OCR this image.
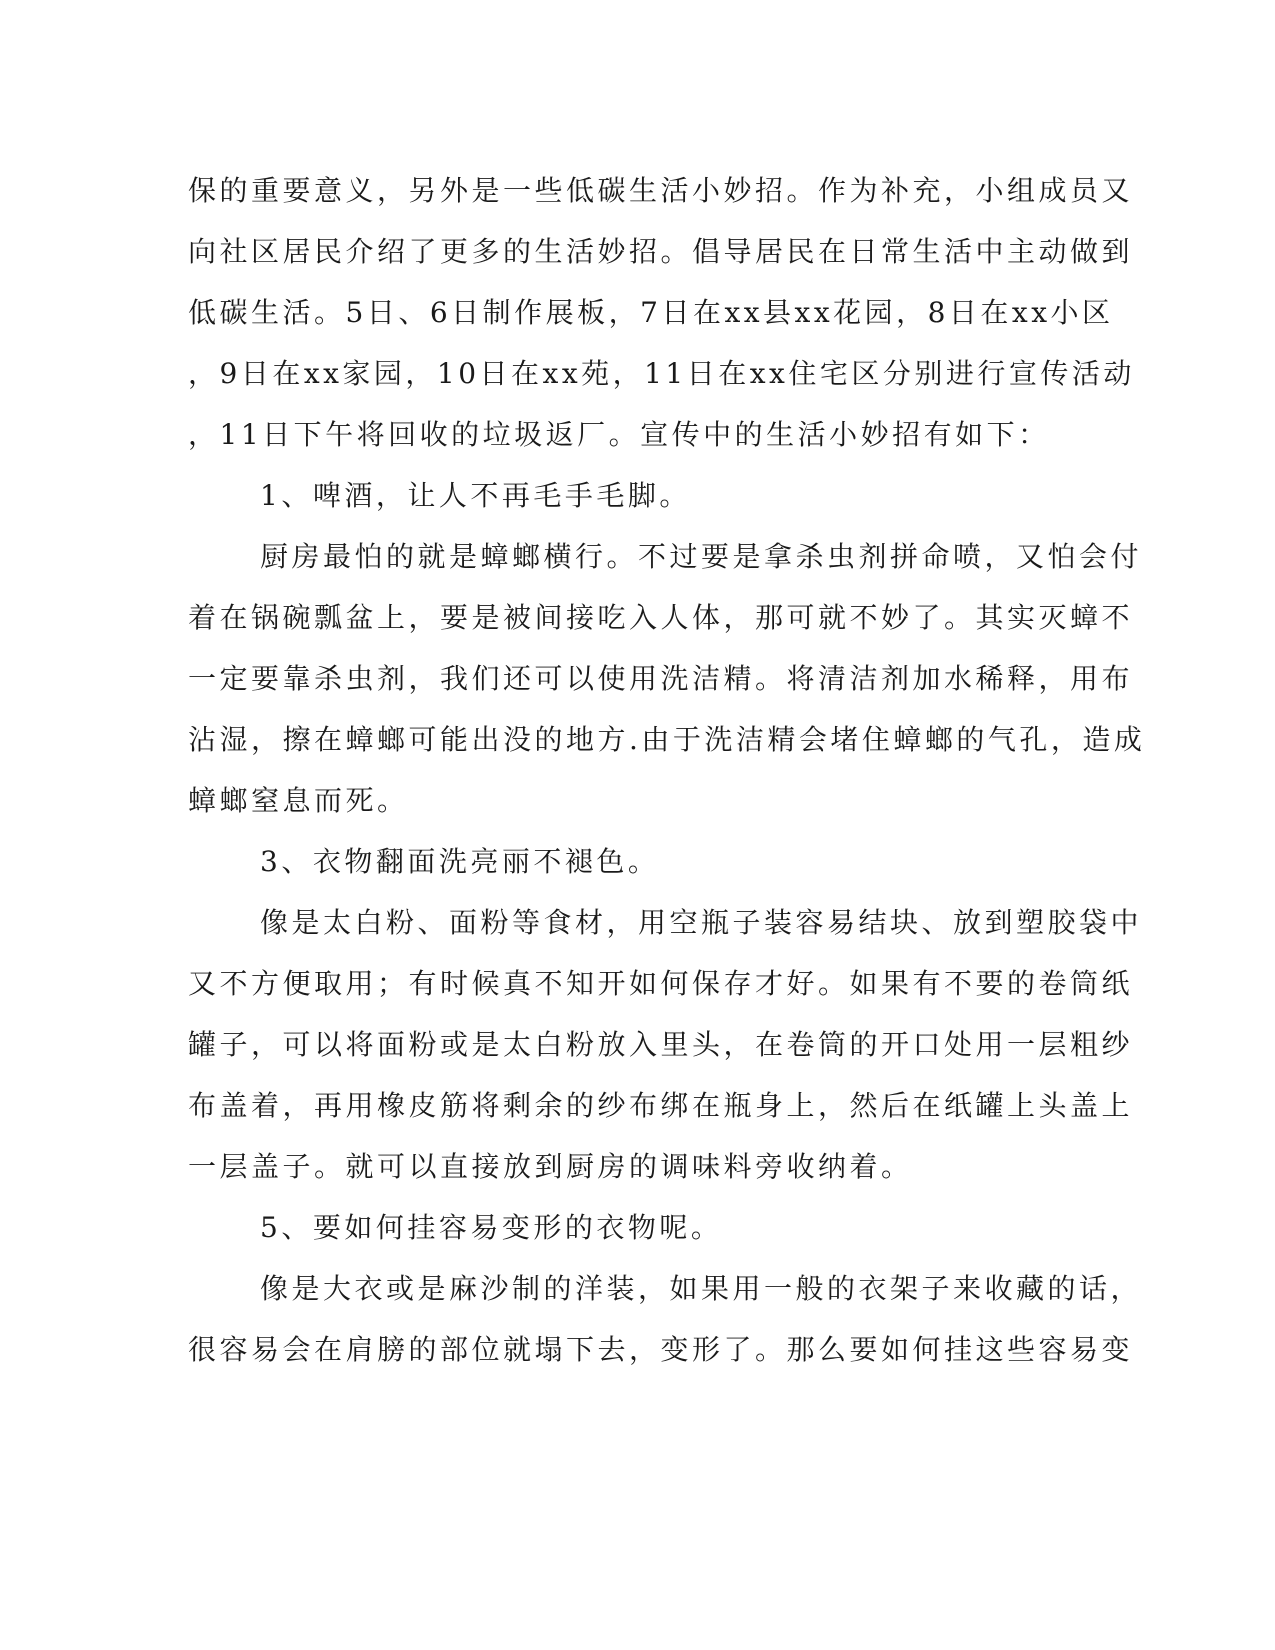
保的重要意义，另外是一些低碳生活小妙招。作为补充，小组成员又
向社区居民介绍了更多的生活妙招。倡导居民在日常生活中主动做到
低碳生活。5日、6日制作展板，7日在xx县xx花园，8日在xx小区
，9日在xx家园，10日在xx苑，11日在xx住宅区分别进行宣传活动
，11日下午将回收的垃圾返厂。宣传中的生活小妙招有如下：
1、啤酒，让人不再毛手毛脚。
厨房最怕的就是蟑螂横行。不过要是拿杀虫剂拼命喷，又怕会付
着在锅碗瓢盆上，要是被间接吃入人体，那可就不妙了。其实灭蟑不
一定要靠杀虫剂，我们还可以使用洗洁精。将清洁剂加水稀释，用布
沾湿，擦在蟑螂可能出没的地方.由于洗洁精会堵住蟑螂的气孔，造成
蟑螂窒息而死。
3、衣物翻面洗亮丽不褪色。
像是太白粉、面粉等食材，用空瓶子装容易结块、放到塑胶袋中
又不方便取用；有时候真不知开如何保存才好。如果有不要的卷筒纸
罐子，可以将面粉或是太白粉放入里头，在卷筒的开口处用一层粗纱
布盖着，再用橡皮筋将剩余的纱布绑在瓶身上，然后在纸罐上头盖上
一层盖子。就可以直接放到厨房的调味料旁收纳着。
5、要如何挂容易变形的衣物呢。
像是大衣或是麻沙制的洋装，如果用一般的衣架子来收藏的话，
很容易会在肩膀的部位就塌下去，变形了。那么要如何挂这些容易变
